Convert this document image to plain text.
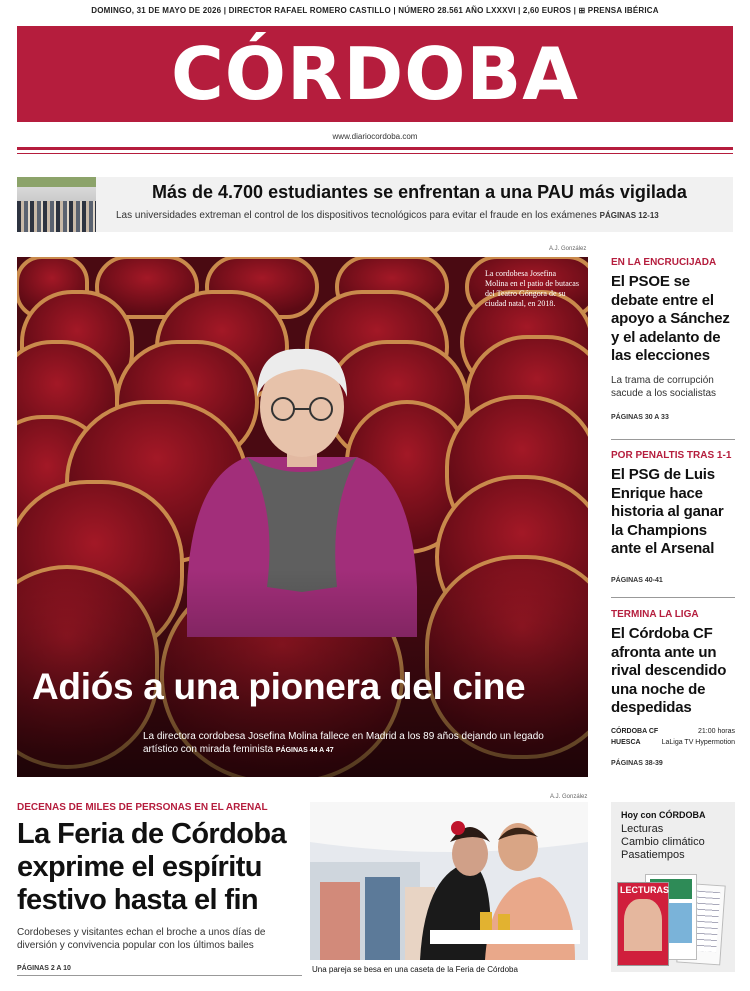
DOMINGO, 31 DE MAYO DE 2026 | DIRECTOR RAFAEL ROMERO CASTILLO | NÚMERO 28.561 AÑO LXXXVI | 2,60 EUROS | ⊞ PRENSA IBÉRICA
CÓRDOBA
www.diariocordoba.com
Más de 4.700 estudiantes se enfrentan a una PAU más vigilada
Las universidades extreman el control de los dispositivos tecnológicos para evitar el fraude en los exámenes PÁGINAS 12-13
A.J. González
La cordobesa Josefina Molina en el patio de butacas del Teatro Góngora de su ciudad natal, en 2018.
Adiós a una pionera del cine
La directora cordobesa Josefina Molina fallece en Madrid a los 89 años dejando un legado artístico con mirada feminista PÁGINAS 44 A 47
EN LA ENCRUCIJADA
El PSOE se debate entre el apoyo a Sánchez y el adelanto de las elecciones
La trama de corrupción sacude a los socialistas
PÁGINAS 30 A 33
POR PENALTIS TRAS 1-1
El PSG de Luis Enrique hace historia al ganar la Champions ante el Arsenal
PÁGINAS 40-41
TERMINA LA LIGA
El Córdoba CF afronta ante un rival descendido una noche de despedidas
CÓRDOBA CF	21:00 horas
HUESCA	LaLiga TV Hypermotion
PÁGINAS 38-39
DECENAS DE MILES DE PERSONAS EN EL ARENAL
La Feria de Córdoba exprime el espíritu festivo hasta el fin
Cordobeses y visitantes echan el broche a unos días de diversión y convivencia popular con los últimos bailes
PÁGINAS 2 A 10
A.J. González
Una pareja se besa en una caseta de la Feria de Córdoba
Hoy con CÓRDOBA
Lecturas
Cambio climático
Pasatiempos
LECTURAS
